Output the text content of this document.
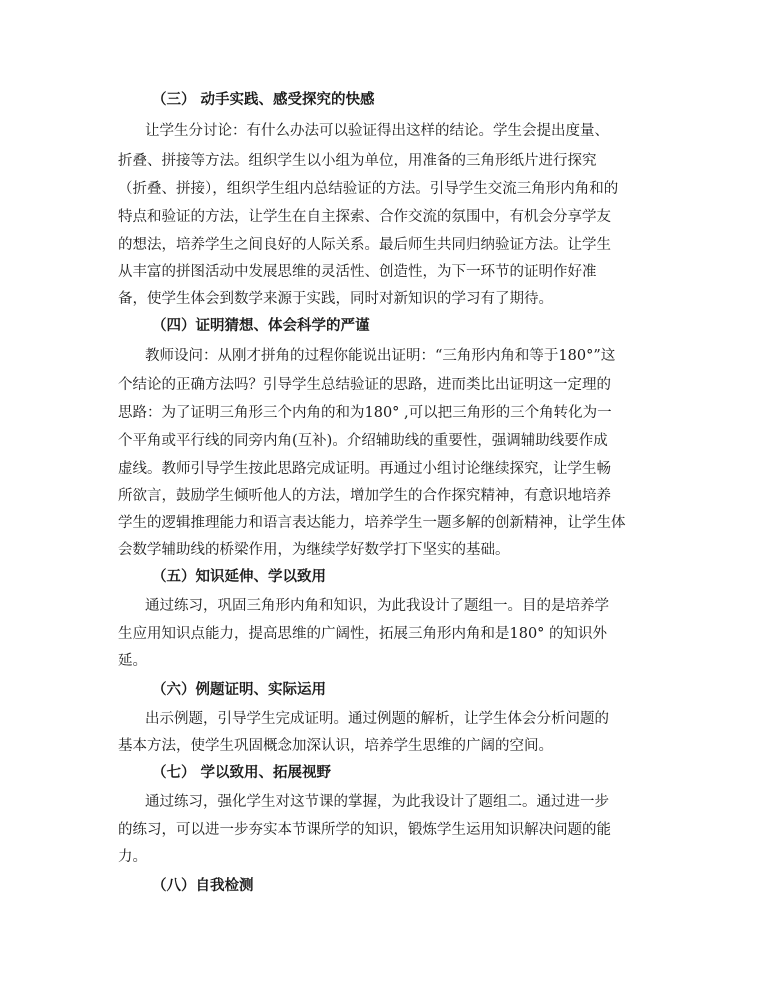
（三） 动手实践、感受探究的快感
让学生分讨论：有什么办法可以验证得出这样的结论。学生会提出度量、
折叠、拼接等方法。组织学生以小组为单位，用准备的三角形纸片进行探究
（折叠、拼接），组织学生组内总结验证的方法。引导学生交流三角形内角和的
特点和验证的方法，让学生在自主探索、合作交流的氛围中，有机会分享学友
的想法，培养学生之间良好的人际关系。最后师生共同归纳验证方法。让学生
从丰富的拼图活动中发展思维的灵活性、创造性，为下一环节的证明作好准
备，使学生体会到数学来源于实践，同时对新知识的学习有了期待。
（四）证明猜想、体会科学的严谨
教师设问：从刚才拼角的过程你能说出证明：“三角形内角和等于180°”这
个结论的正确方法吗？引导学生总结验证的思路，进而类比出证明这一定理的
思路：为了证明三角形三个内角的和为180° ,可以把三角形的三个角转化为一
个平角或平行线的同旁内角(互补)。介绍辅助线的重要性，强调辅助线要作成
虚线。教师引导学生按此思路完成证明。再通过小组讨论继续探究，让学生畅
所欲言，鼓励学生倾听他人的方法，增加学生的合作探究精神，有意识地培养
学生的逻辑推理能力和语言表达能力，培养学生一题多解的创新精神，让学生体
会数学辅助线的桥梁作用，为继续学好数学打下坚实的基础。
（五）知识延伸、学以致用
通过练习，巩固三角形内角和知识，为此我设计了题组一。目的是培养学
生应用知识点能力，提高思维的广阔性，拓展三角形内角和是180° 的知识外
延。
（六）例题证明、实际运用
出示例题，引导学生完成证明。通过例题的解析，让学生体会分析问题的
基本方法，使学生巩固概念加深认识，培养学生思维的广阔的空间。
（七） 学以致用、拓展视野
通过练习，强化学生对这节课的掌握，为此我设计了题组二。通过进一步
的练习，可以进一步夯实本节课所学的知识，锻炼学生运用知识解决问题的能
力。
（八）自我检测
